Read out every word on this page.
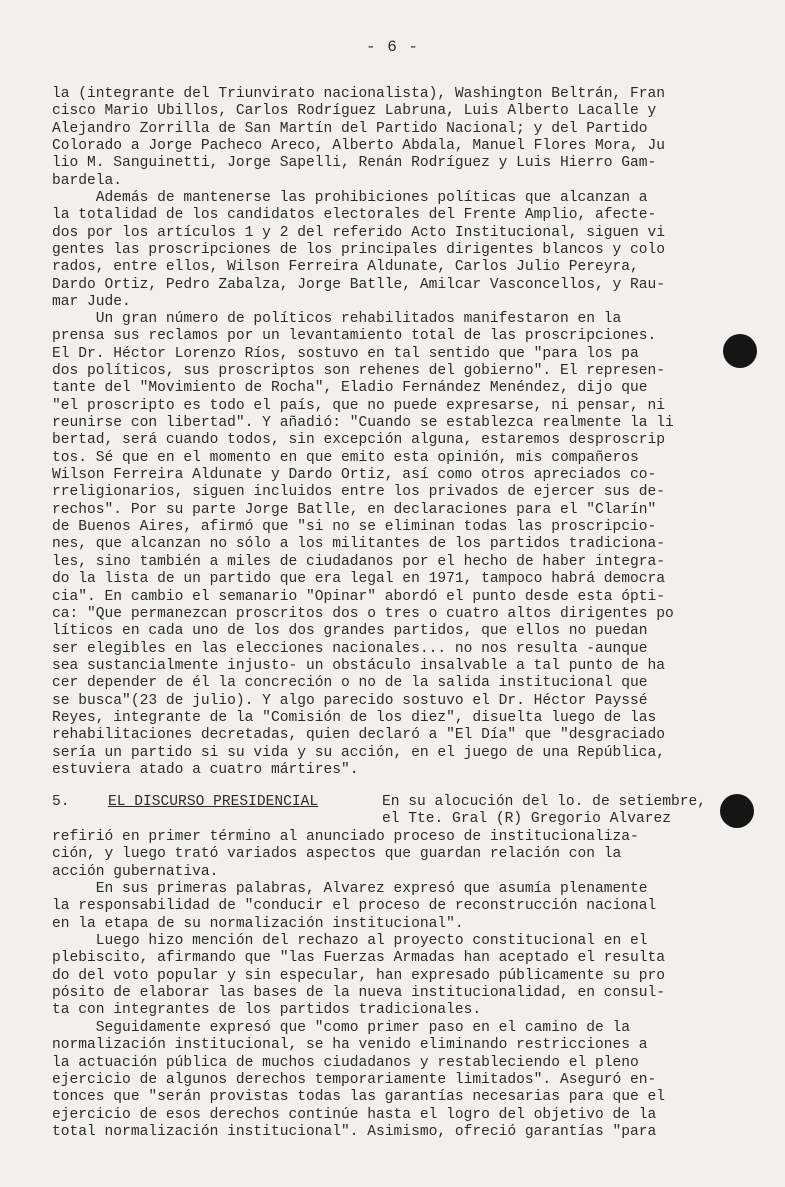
- 6 -
la (integrante del Triunvirato nacionalista), Washington Beltrán, Fran
cisco Mario Ubillos, Carlos Rodríguez Labruna, Luis Alberto Lacalle y
Alejandro Zorrilla de San Martín del Partido Nacional; y del Partido
Colorado a Jorge Pacheco Areco, Alberto Abdala, Manuel Flores Mora, Ju
lio M. Sanguinetti, Jorge Sapelli, Renán Rodríguez y Luis Hierro Gam-
bardela.
Además de mantenerse las prohibiciones políticas que alcanzan a
la totalidad de los candidatos electorales del Frente Amplio, afecte-
dos por los artículos 1 y 2 del referido Acto Institucional, siguen vi
gentes las proscripciones de los principales dirigentes blancos y colo
rados, entre ellos, Wilson Ferreira Aldunate, Carlos Julio Pereyra,
Dardo Ortiz, Pedro Zabalza, Jorge Batlle, Amilcar Vasconcellos, y Rau-
mar Jude.
Un gran número de políticos rehabilitados manifestaron en la
prensa sus reclamos por un levantamiento total de las proscripciones.
El Dr. Héctor Lorenzo Ríos, sostuvo en tal sentido que "para los pa
dos políticos, sus proscriptos son rehenes del gobierno". El represen-
tante del "Movimiento de Rocha", Eladio Fernández Menéndez, dijo que
"el proscripto es todo el país, que no puede expresarse, ni pensar, ni
reunirse con libertad". Y añadió: "Cuando se establezca realmente la li
bertad, será cuando todos, sin excepción alguna, estaremos desproscrip
tos. Sé que en el momento en que emito esta opinión, mis compañeros
Wilson Ferreira Aldunate y Dardo Ortiz, así como otros apreciados co-
rreligionarios, siguen incluidos entre los privados de ejercer sus de-
rechos". Por su parte Jorge Batlle, en declaraciones para el "Clarín"
de Buenos Aires, afirmó que "si no se eliminan todas las proscripcio-
nes, que alcanzan no sólo a los militantes de los partidos tradiciona-
les, sino también a miles de ciudadanos por el hecho de haber integra-
do la lista de un partido que era legal en 1971, tampoco habrá democra
cia". En cambio el semanario "Opinar" abordó el punto desde esta ópti-
ca: "Que permanezcan proscritos dos o tres o cuatro altos dirigentes po
líticos en cada uno de los dos grandes partidos, que ellos no puedan
ser elegibles en las elecciones nacionales... no nos resulta -aunque
sea sustancialmente injusto- un obstáculo insalvable a tal punto de ha
cer depender de él la concreción o no de la salida institucional que
se busca"(23 de julio). Y algo parecido sostuvo el Dr. Héctor Payssé
Reyes, integrante de la "Comisión de los diez", disuelta luego de las
rehabilitaciones decretadas, quien declaró a "El Día" que "desgraciado
sería un partido si su vida y su acción, en el juego de una República,
estuviera atado a cuatro mártires".
5.	EL DISCURSO PRESIDENCIAL	En su alocución del lo. de setiembre,
el Tte. Gral (R) Gregorio Alvarez
refirió en primer término al anunciado proceso de institucionaliza-
ción, y luego trató variados aspectos que guardan relación con la
acción gubernativa.
En sus primeras palabras, Alvarez expresó que asumía plenamente
la responsabilidad de "conducir el proceso de reconstrucción nacional
en la etapa de su normalización institucional".
Luego hizo mención del rechazo al proyecto constitucional en el
plebiscito, afirmando que "las Fuerzas Armadas han aceptado el resulta
do del voto popular y sin especular, han expresado públicamente su pro
pósito de elaborar las bases de la nueva institucionalidad, en consul-
ta con integrantes de los partidos tradicionales.
Seguidamente expresó que "como primer paso en el camino de la
normalización institucional, se ha venido eliminando restricciones a
la actuación pública de muchos ciudadanos y restableciendo el pleno
ejercicio de algunos derechos temporariamente limitados". Aseguró en-
tonces que "serán provistas todas las garantías necesarias para que el
ejercicio de esos derechos continúe hasta el logro del objetivo de la
total normalización institucional". Asimismo, ofreció garantías "para
